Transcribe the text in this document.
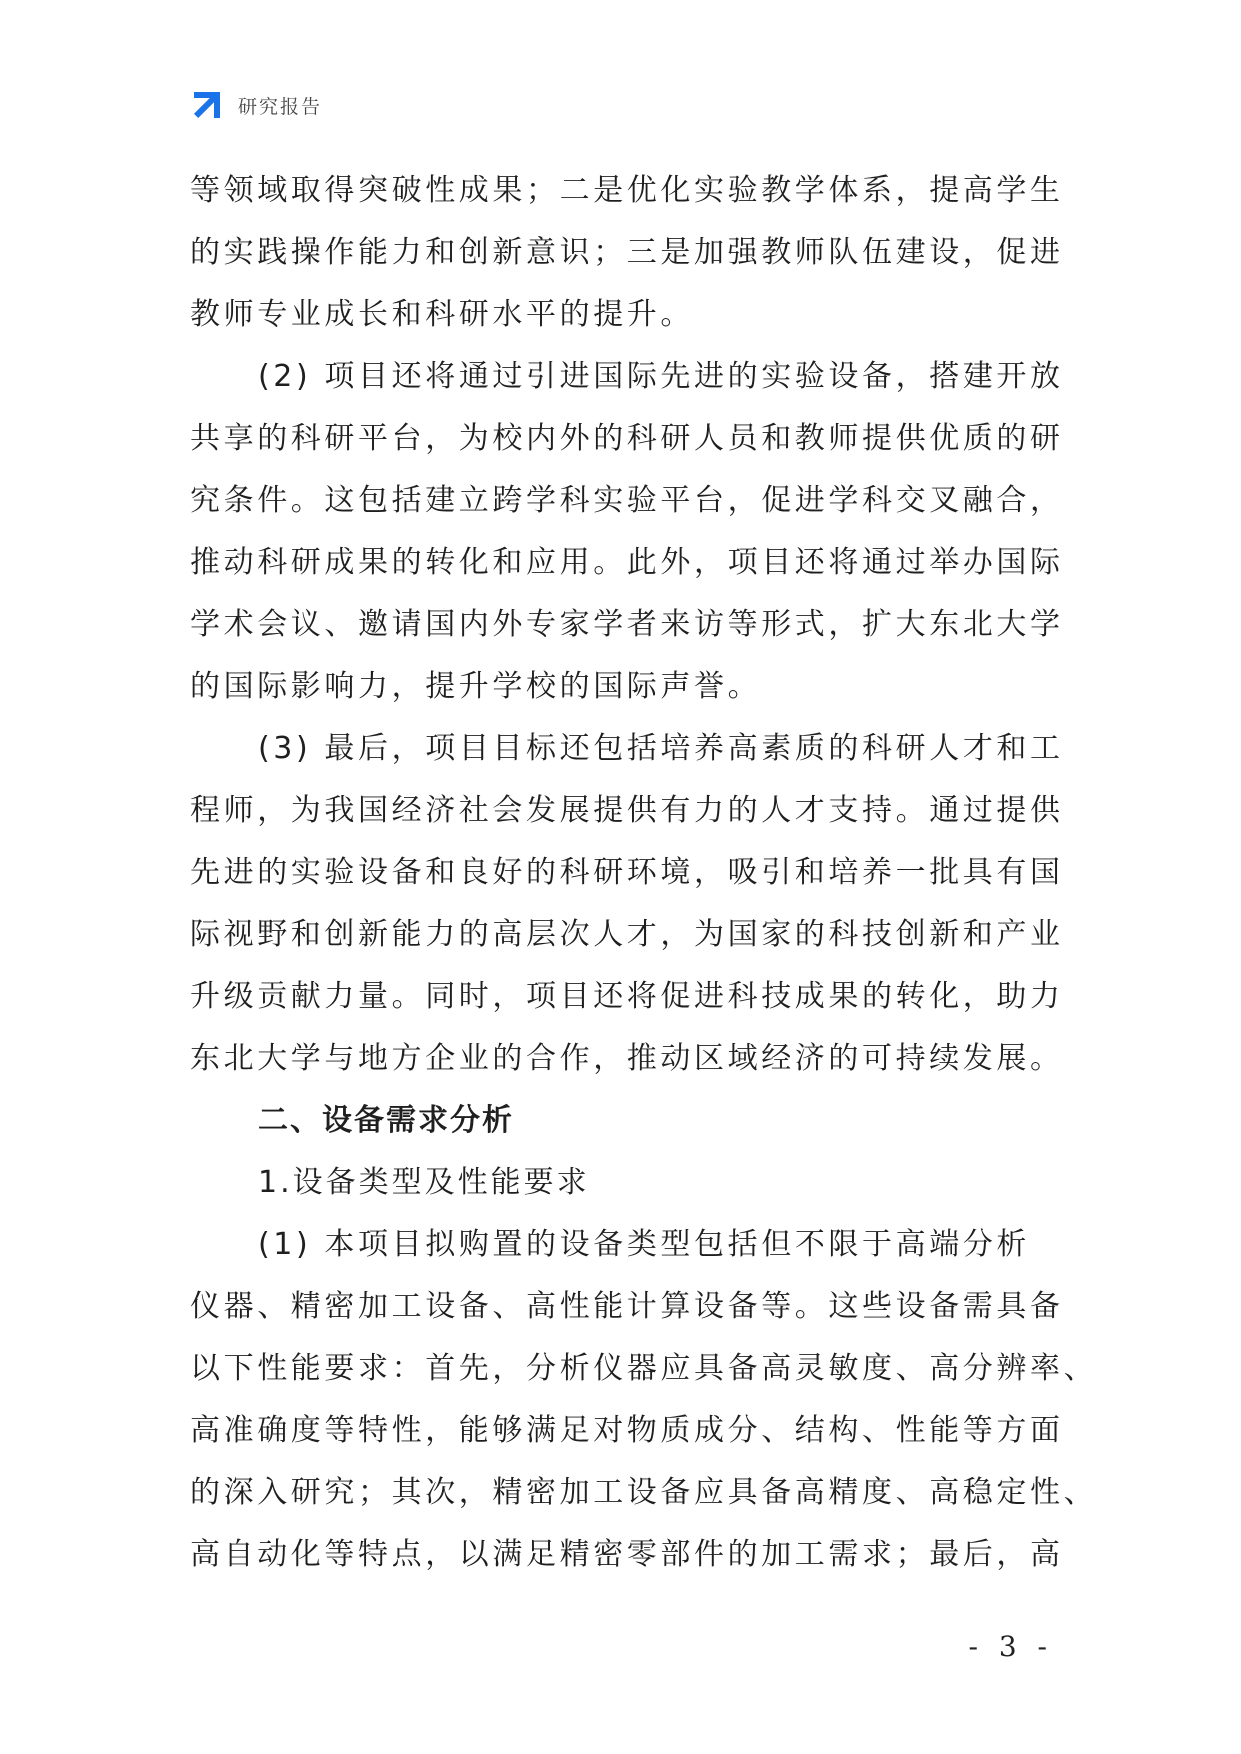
研究报告
等领域取得突破性成果；二是优化实验教学体系，提高学生
的实践操作能力和创新意识；三是加强教师队伍建设，促进
教师专业成长和科研水平的提升。
(2) 项目还将通过引进国际先进的实验设备，搭建开放
共享的科研平台，为校内外的科研人员和教师提供优质的研
究条件。这包括建立跨学科实验平台，促进学科交叉融合，
推动科研成果的转化和应用。此外，项目还将通过举办国际
学术会议、邀请国内外专家学者来访等形式，扩大东北大学
的国际影响力，提升学校的国际声誉。
(3) 最后，项目目标还包括培养高素质的科研人才和工
程师，为我国经济社会发展提供有力的人才支持。通过提供
先进的实验设备和良好的科研环境，吸引和培养一批具有国
际视野和创新能力的高层次人才，为国家的科技创新和产业
升级贡献力量。同时，项目还将促进科技成果的转化，助力
东北大学与地方企业的合作，推动区域经济的可持续发展。
二、设备需求分析
1.设备类型及性能要求
(1) 本项目拟购置的设备类型包括但不限于高端分析
仪器、精密加工设备、高性能计算设备等。这些设备需具备
以下性能要求：首先，分析仪器应具备高灵敏度、高分辨率、
高准确度等特性，能够满足对物质成分、结构、性能等方面
的深入研究；其次，精密加工设备应具备高精度、高稳定性、
高自动化等特点，以满足精密零部件的加工需求；最后，高
- 3 -
